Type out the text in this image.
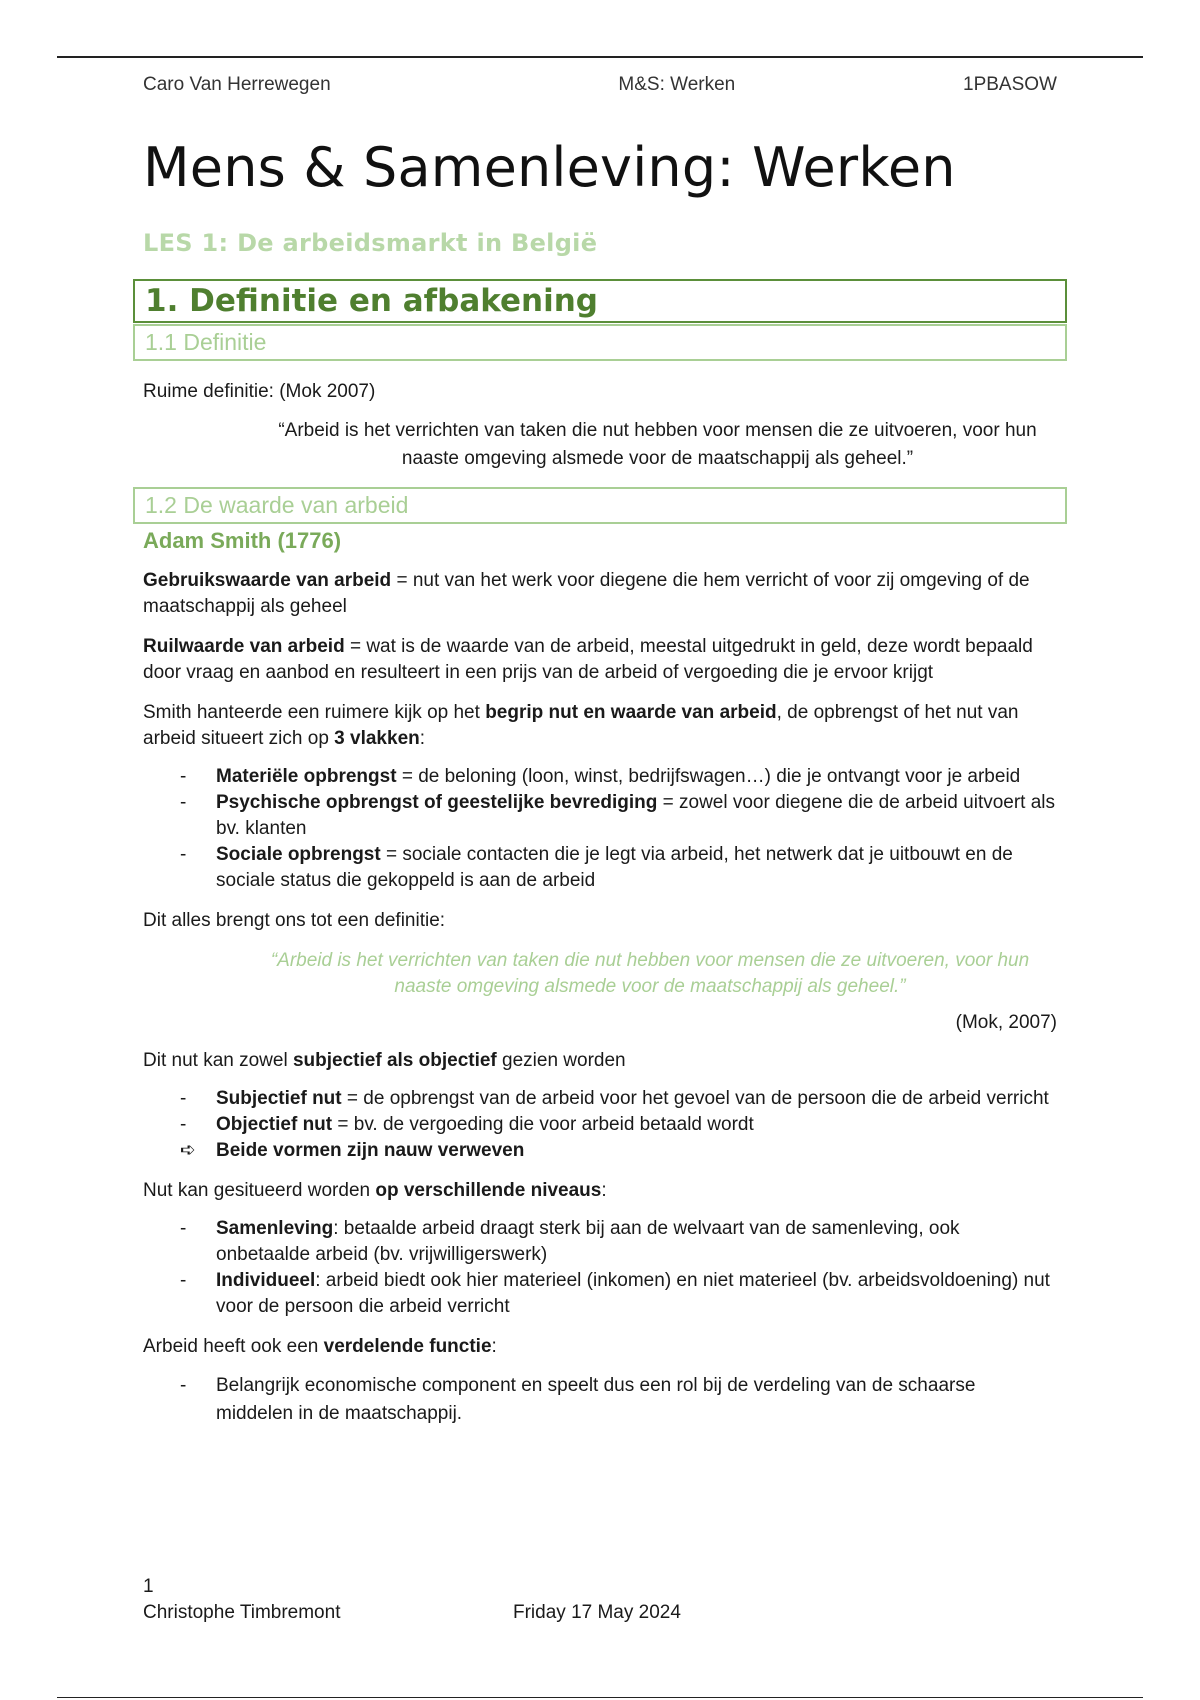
Caro Van Herrewegen	M&S: Werken	1PBASOW
Mens & Samenleving: Werken
LES 1: De arbeidsmarkt in België
1. Definitie en afbakening
1.1 Definitie

Ruime definitie: (Mok 2007)

“Arbeid is het verrichten van taken die nut hebben voor mensen die ze uitvoeren, voor hun naaste omgeving alsmede voor de maatschappij als geheel.”
1.2 De waarde van arbeid
Adam Smith (1776)

Gebruikswaarde van arbeid = nut van het werk voor diegene die hem verricht of voor zij omgeving of de maatschappij als geheel

Ruilwaarde van arbeid = wat is de waarde van de arbeid, meestal uitgedrukt in geld, deze wordt bepaald door vraag en aanbod en resulteert in een prijs van de arbeid of vergoeding die je ervoor krijgt

Smith hanteerde een ruimere kijk op het begrip nut en waarde van arbeid, de opbrengst of het nut van arbeid situeert zich op 3 vlakken:

-	Materiële opbrengst = de beloning (loon, winst, bedrijfswagen…) die je ontvangt voor je arbeid
-	Psychische opbrengst of geestelijke bevrediging = zowel voor diegene die de arbeid uitvoert als bv. klanten
-	Sociale opbrengst = sociale contacten die je legt via arbeid, het netwerk dat je uitbouwt en de sociale status die gekoppeld is aan de arbeid

Dit alles brengt ons tot een definitie:

“Arbeid is het verrichten van taken die nut hebben voor mensen die ze uitvoeren, voor hun naaste omgeving alsmede voor de maatschappij als geheel.”
(Mok, 2007)

Dit nut kan zowel subjectief als objectief gezien worden

-	Subjectief nut = de opbrengst van de arbeid voor het gevoel van de persoon die de arbeid verricht
-	Objectief nut = bv. de vergoeding die voor arbeid betaald wordt
➪ Beide vormen zijn nauw verweven

Nut kan gesitueerd worden op verschillende niveaus:

-	Samenleving: betaalde arbeid draagt sterk bij aan de welvaart van de samenleving, ook onbetaalde arbeid (bv. vrijwilligerswerk)
-	Individueel: arbeid biedt ook hier materieel (inkomen) en niet materieel (bv. arbeidsvoldoening) nut voor de persoon die arbeid verricht

Arbeid heeft ook een verdelende functie:

-	Belangrijk economische component en speelt dus een rol bij de verdeling van de schaarse middelen in de maatschappij.
1
Christophe Timbremont	Friday 17 May 2024
